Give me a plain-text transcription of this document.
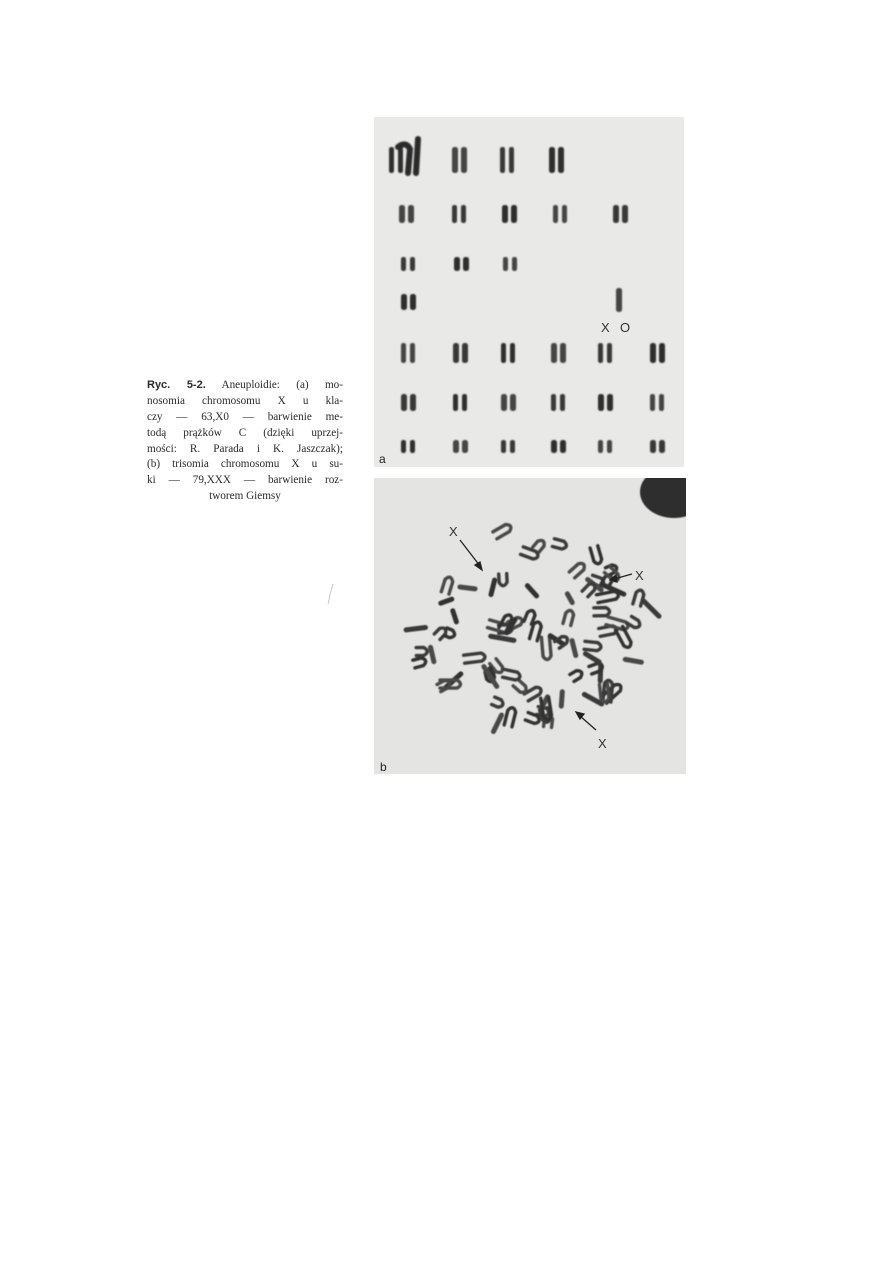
Ryc. 5-2. Aneuploidie: (a) mo-
nosomia chromosomu X u kla-
czy — 63,X0 — barwienie me-
todą prążków C (dzięki uprzej-
mości: R. Parada i K. Jaszczak);
(b) trisomia chromosomu X u su-
ki — 79,XXX — barwienie roz-
tworem Giemsy
X O
a
X
X
X
b
